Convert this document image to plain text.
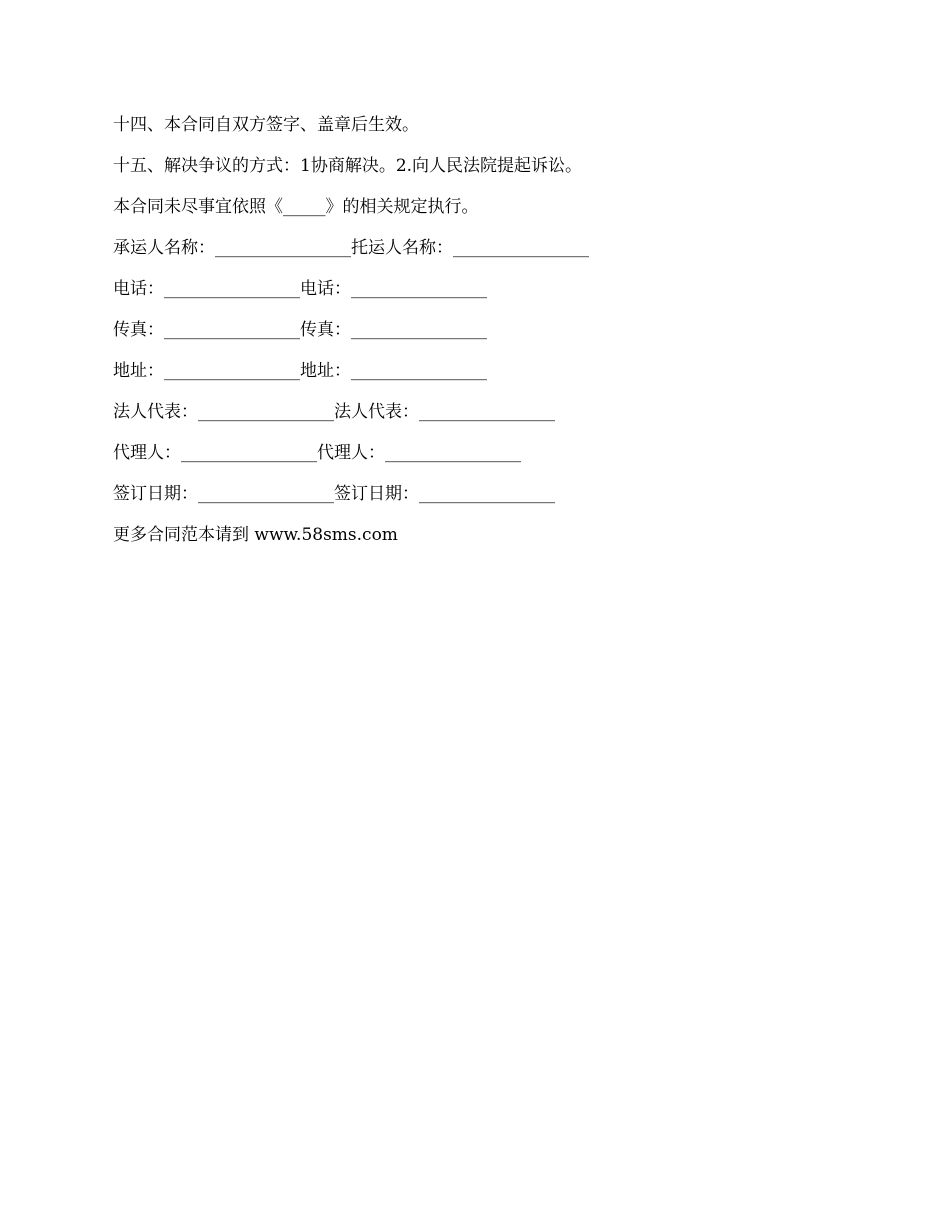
十四、本合同自双方签字、盖章后生效。

十五、解决争议的方式：1协商解决。2.向人民法院提起诉讼。

本合同未尽事宜依照《_____》的相关规定执行。

承运人名称：________________托运人名称：________________

电话：________________电话：________________

传真：________________传真：________________

地址：________________地址：________________

法人代表：________________法人代表：________________

代理人：________________代理人：________________

签订日期：________________签订日期：________________

更多合同范本请到 www.58sms.com
